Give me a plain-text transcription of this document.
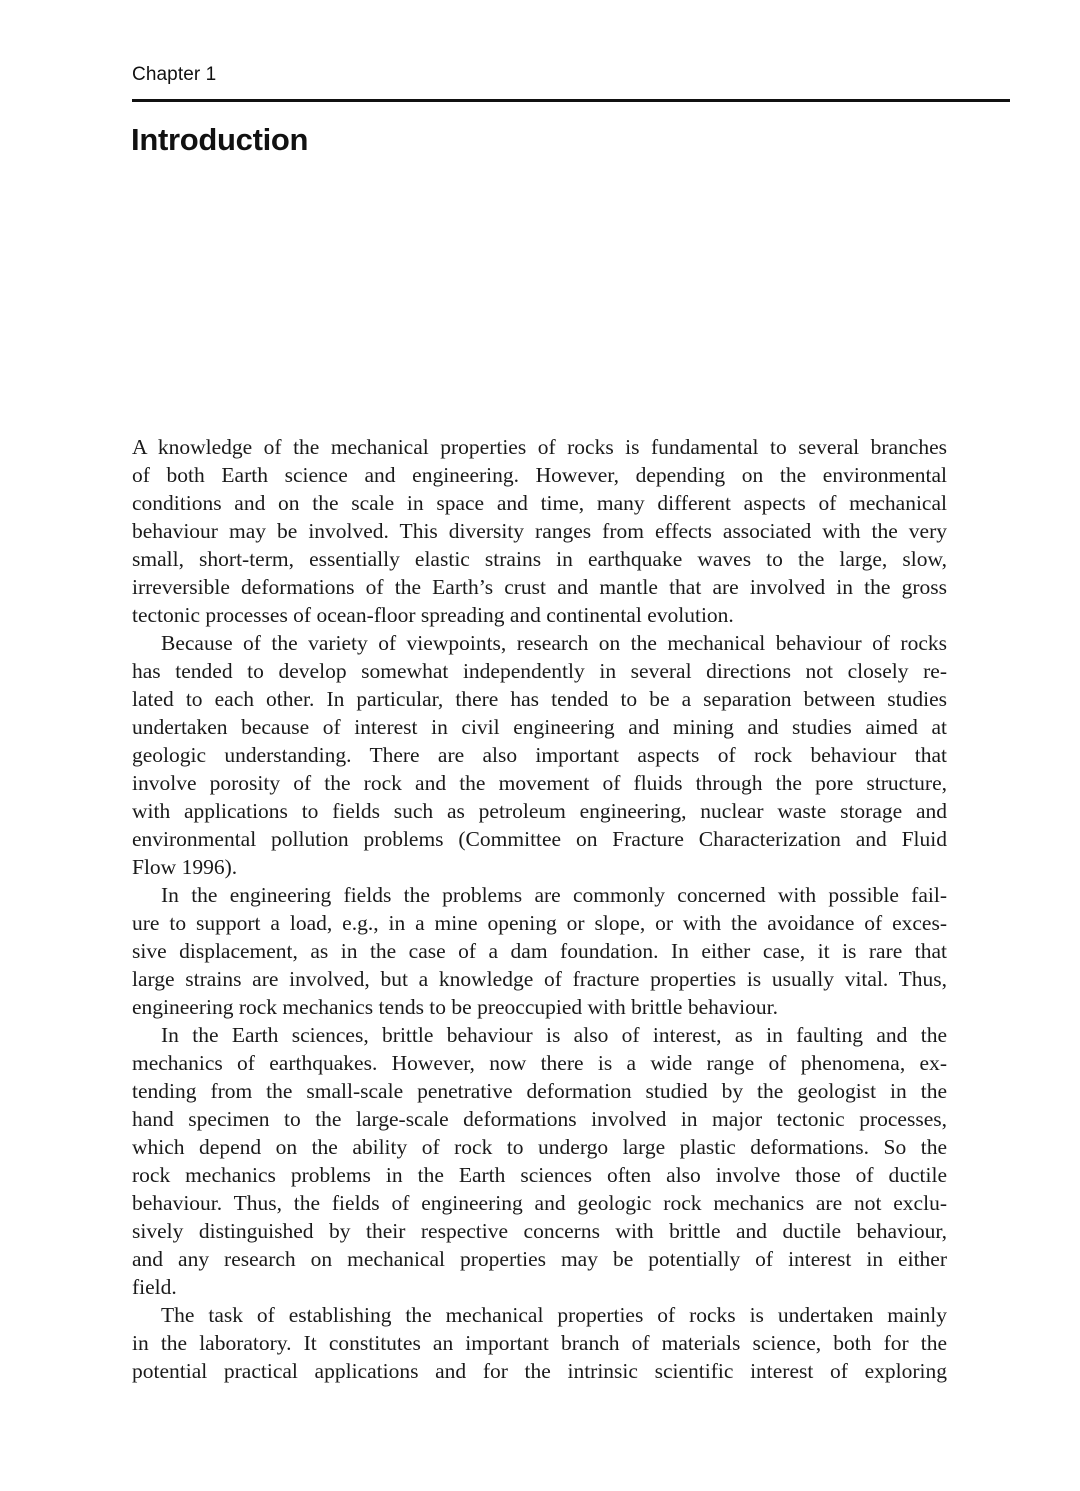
Chapter 1
Introduction
A knowledge of the mechanical properties of rocks is fundamental to several branches
of both Earth science and engineering. However, depending on the environmental
conditions and on the scale in space and time, many different aspects of mechanical
behaviour may be involved. This diversity ranges from effects associated with the very
small, short-term, essentially elastic strains in earthquake waves to the large, slow,
irreversible deformations of the Earth’s crust and mantle that are involved in the gross
tectonic processes of ocean-floor spreading and continental evolution.
Because of the variety of viewpoints, research on the mechanical behaviour of rocks
has tended to develop somewhat independently in several directions not closely re-
lated to each other. In particular, there has tended to be a separation between studies
undertaken because of interest in civil engineering and mining and studies aimed at
geologic understanding. There are also important aspects of rock behaviour that
involve porosity of the rock and the movement of fluids through the pore structure,
with applications to fields such as petroleum engineering, nuclear waste storage and
environmental pollution problems (Committee on Fracture Characterization and Fluid
Flow 1996).
In the engineering fields the problems are commonly concerned with possible fail-
ure to support a load, e.g., in a mine opening or slope, or with the avoidance of exces-
sive displacement, as in the case of a dam foundation. In either case, it is rare that
large strains are involved, but a knowledge of fracture properties is usually vital. Thus,
engineering rock mechanics tends to be preoccupied with brittle behaviour.
In the Earth sciences, brittle behaviour is also of interest, as in faulting and the
mechanics of earthquakes. However, now there is a wide range of phenomena, ex-
tending from the small-scale penetrative deformation studied by the geologist in the
hand specimen to the large-scale deformations involved in major tectonic processes,
which depend on the ability of rock to undergo large plastic deformations. So the
rock mechanics problems in the Earth sciences often also involve those of ductile
behaviour. Thus, the fields of engineering and geologic rock mechanics are not exclu-
sively distinguished by their respective concerns with brittle and ductile behaviour,
and any research on mechanical properties may be potentially of interest in either
field.
The task of establishing the mechanical properties of rocks is undertaken mainly
in the laboratory. It constitutes an important branch of materials science, both for the
potential practical applications and for the intrinsic scientific interest of exploring
